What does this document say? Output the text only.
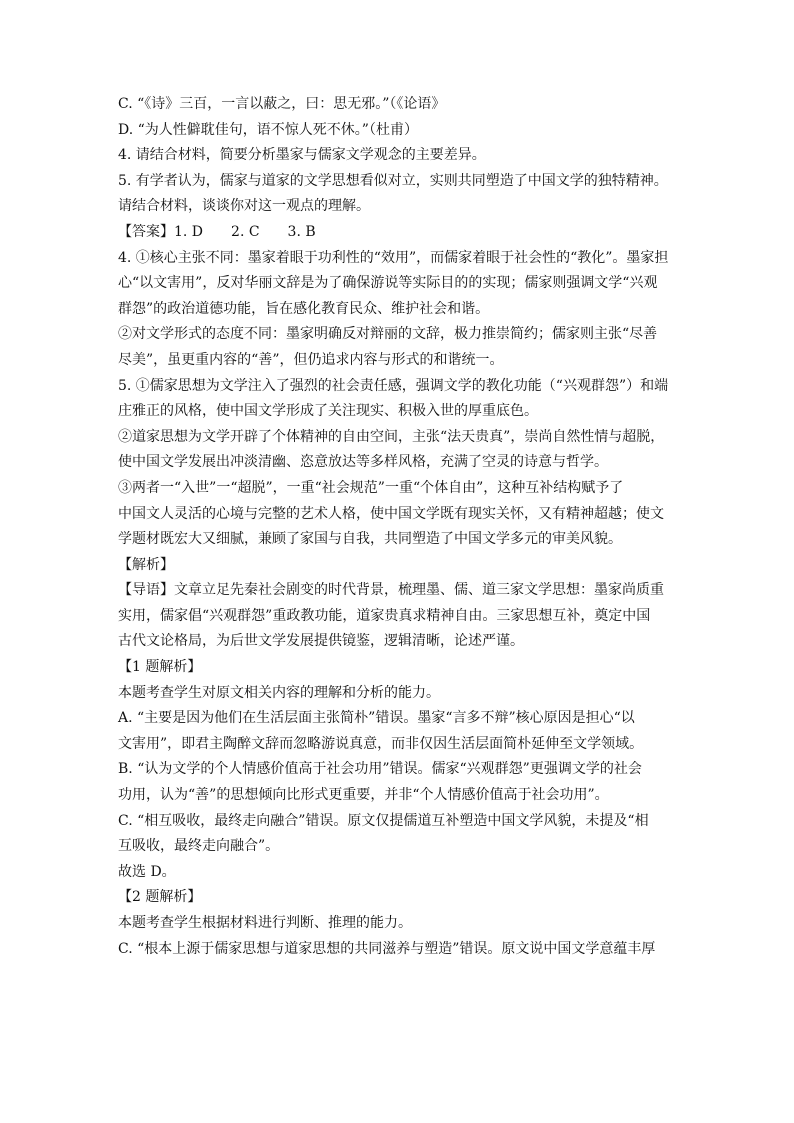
C. “《诗》三百，一言以蔽之，曰：思无邪。”（《论语》
D. “为人性僻耽佳句，语不惊人死不休。”（杜甫）
4. 请结合材料，简要分析墨家与儒家文学观念的主要差异。
5. 有学者认为，儒家与道家的文学思想看似对立，实则共同塑造了中国文学的独特精神。
请结合材料，谈谈你对这一观点的理解。
【答案】1. D　　2. C　　3. B
4. ①核心主张不同：墨家着眼于功利性的“效用”，而儒家着眼于社会性的“教化”。墨家担
心“以文害用”，反对华丽文辞是为了确保游说等实际目的的实现；儒家则强调文学“兴观
群怨”的政治道德功能，旨在感化教育民众、维护社会和谐。
②对文学形式的态度不同：墨家明确反对辩丽的文辞，极力推崇简约；儒家则主张“尽善
尽美”，虽更重内容的“善”，但仍追求内容与形式的和谐统一。
5. ①儒家思想为文学注入了强烈的社会责任感，强调文学的教化功能（“兴观群怨”）和端
庄雅正的风格，使中国文学形成了关注现实、积极入世的厚重底色。
②道家思想为文学开辟了个体精神的自由空间，主张“法天贵真”，崇尚自然性情与超脱，
使中国文学发展出冲淡清幽、恣意放达等多样风格，充满了空灵的诗意与哲学。
③两者一“入世”一“超脱”，一重“社会规范”一重“个体自由”，这种互补结构赋予了
中国文人灵活的心境与完整的艺术人格，使中国文学既有现实关怀，又有精神超越；使文
学题材既宏大又细腻，兼顾了家国与自我，共同塑造了中国文学多元的审美风貌。
【解析】
【导语】文章立足先秦社会剧变的时代背景，梳理墨、儒、道三家文学思想：墨家尚质重
实用，儒家倡“兴观群怨”重政教功能，道家贵真求精神自由。三家思想互补，奠定中国
古代文论格局，为后世文学发展提供镜鉴，逻辑清晰，论述严谨。
【1 题解析】
本题考查学生对原文相关内容的理解和分析的能力。
A. “主要是因为他们在生活层面主张简朴”错误。墨家“言多不辩”核心原因是担心“以
文害用”，即君主陶醉文辞而忽略游说真意，而非仅因生活层面简朴延伸至文学领域。
B. “认为文学的个人情感价值高于社会功用”错误。儒家“兴观群怨”更强调文学的社会
功用，认为“善”的思想倾向比形式更重要，并非“个人情感价值高于社会功用”。
C. “相互吸收，最终走向融合”错误。原文仅提儒道互补塑造中国文学风貌，未提及“相
互吸收，最终走向融合”。
故选 D。
【2 题解析】
本题考查学生根据材料进行判断、推理的能力。
C. “根本上源于儒家思想与道家思想的共同滋养与塑造”错误。原文说中国文学意蕴丰厚
